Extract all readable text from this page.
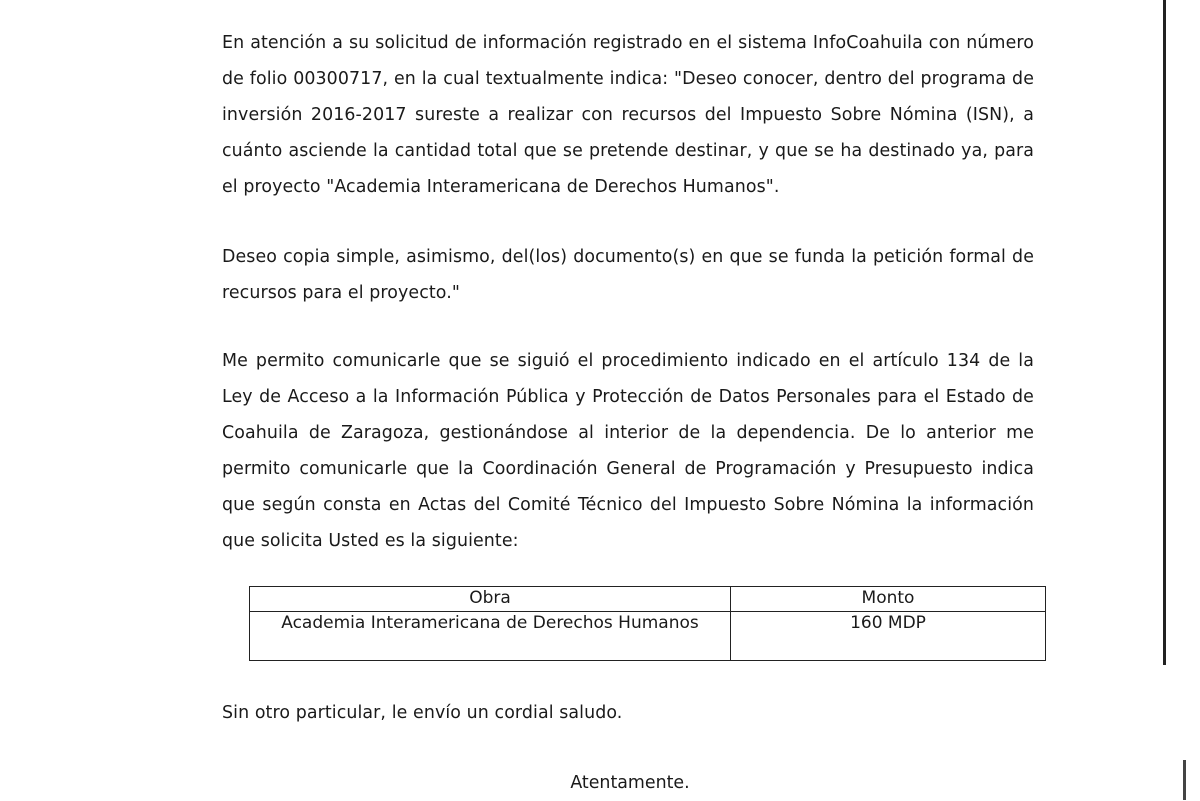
En atención a su solicitud de información registrado en el sistema InfoCoahuila con número de folio 00300717, en la cual textualmente indica: "Deseo conocer, dentro del programa de inversión 2016-2017 sureste a realizar con recursos del Impuesto Sobre Nómina (ISN), a cuánto asciende la cantidad total que se pretende destinar, y que se ha destinado ya, para el proyecto "Academia Interamericana de Derechos Humanos".

Deseo copia simple, asimismo, del(los) documento(s) en que se funda la petición formal de recursos para el proyecto."

Me permito comunicarle que se siguió el procedimiento indicado en el artículo 134 de la Ley de Acceso a la Información Pública y Protección de Datos Personales para el Estado de Coahuila de Zaragoza, gestionándose al interior de la dependencia. De lo anterior me permito comunicarle que la Coordinación General de Programación y Presupuesto indica que según consta en Actas del Comité Técnico del Impuesto Sobre Nómina la información que solicita Usted es la siguiente:

Obra	Monto
Academia Interamericana de Derechos Humanos	160 MDP

Sin otro particular, le envío un cordial saludo.

Atentamente.
